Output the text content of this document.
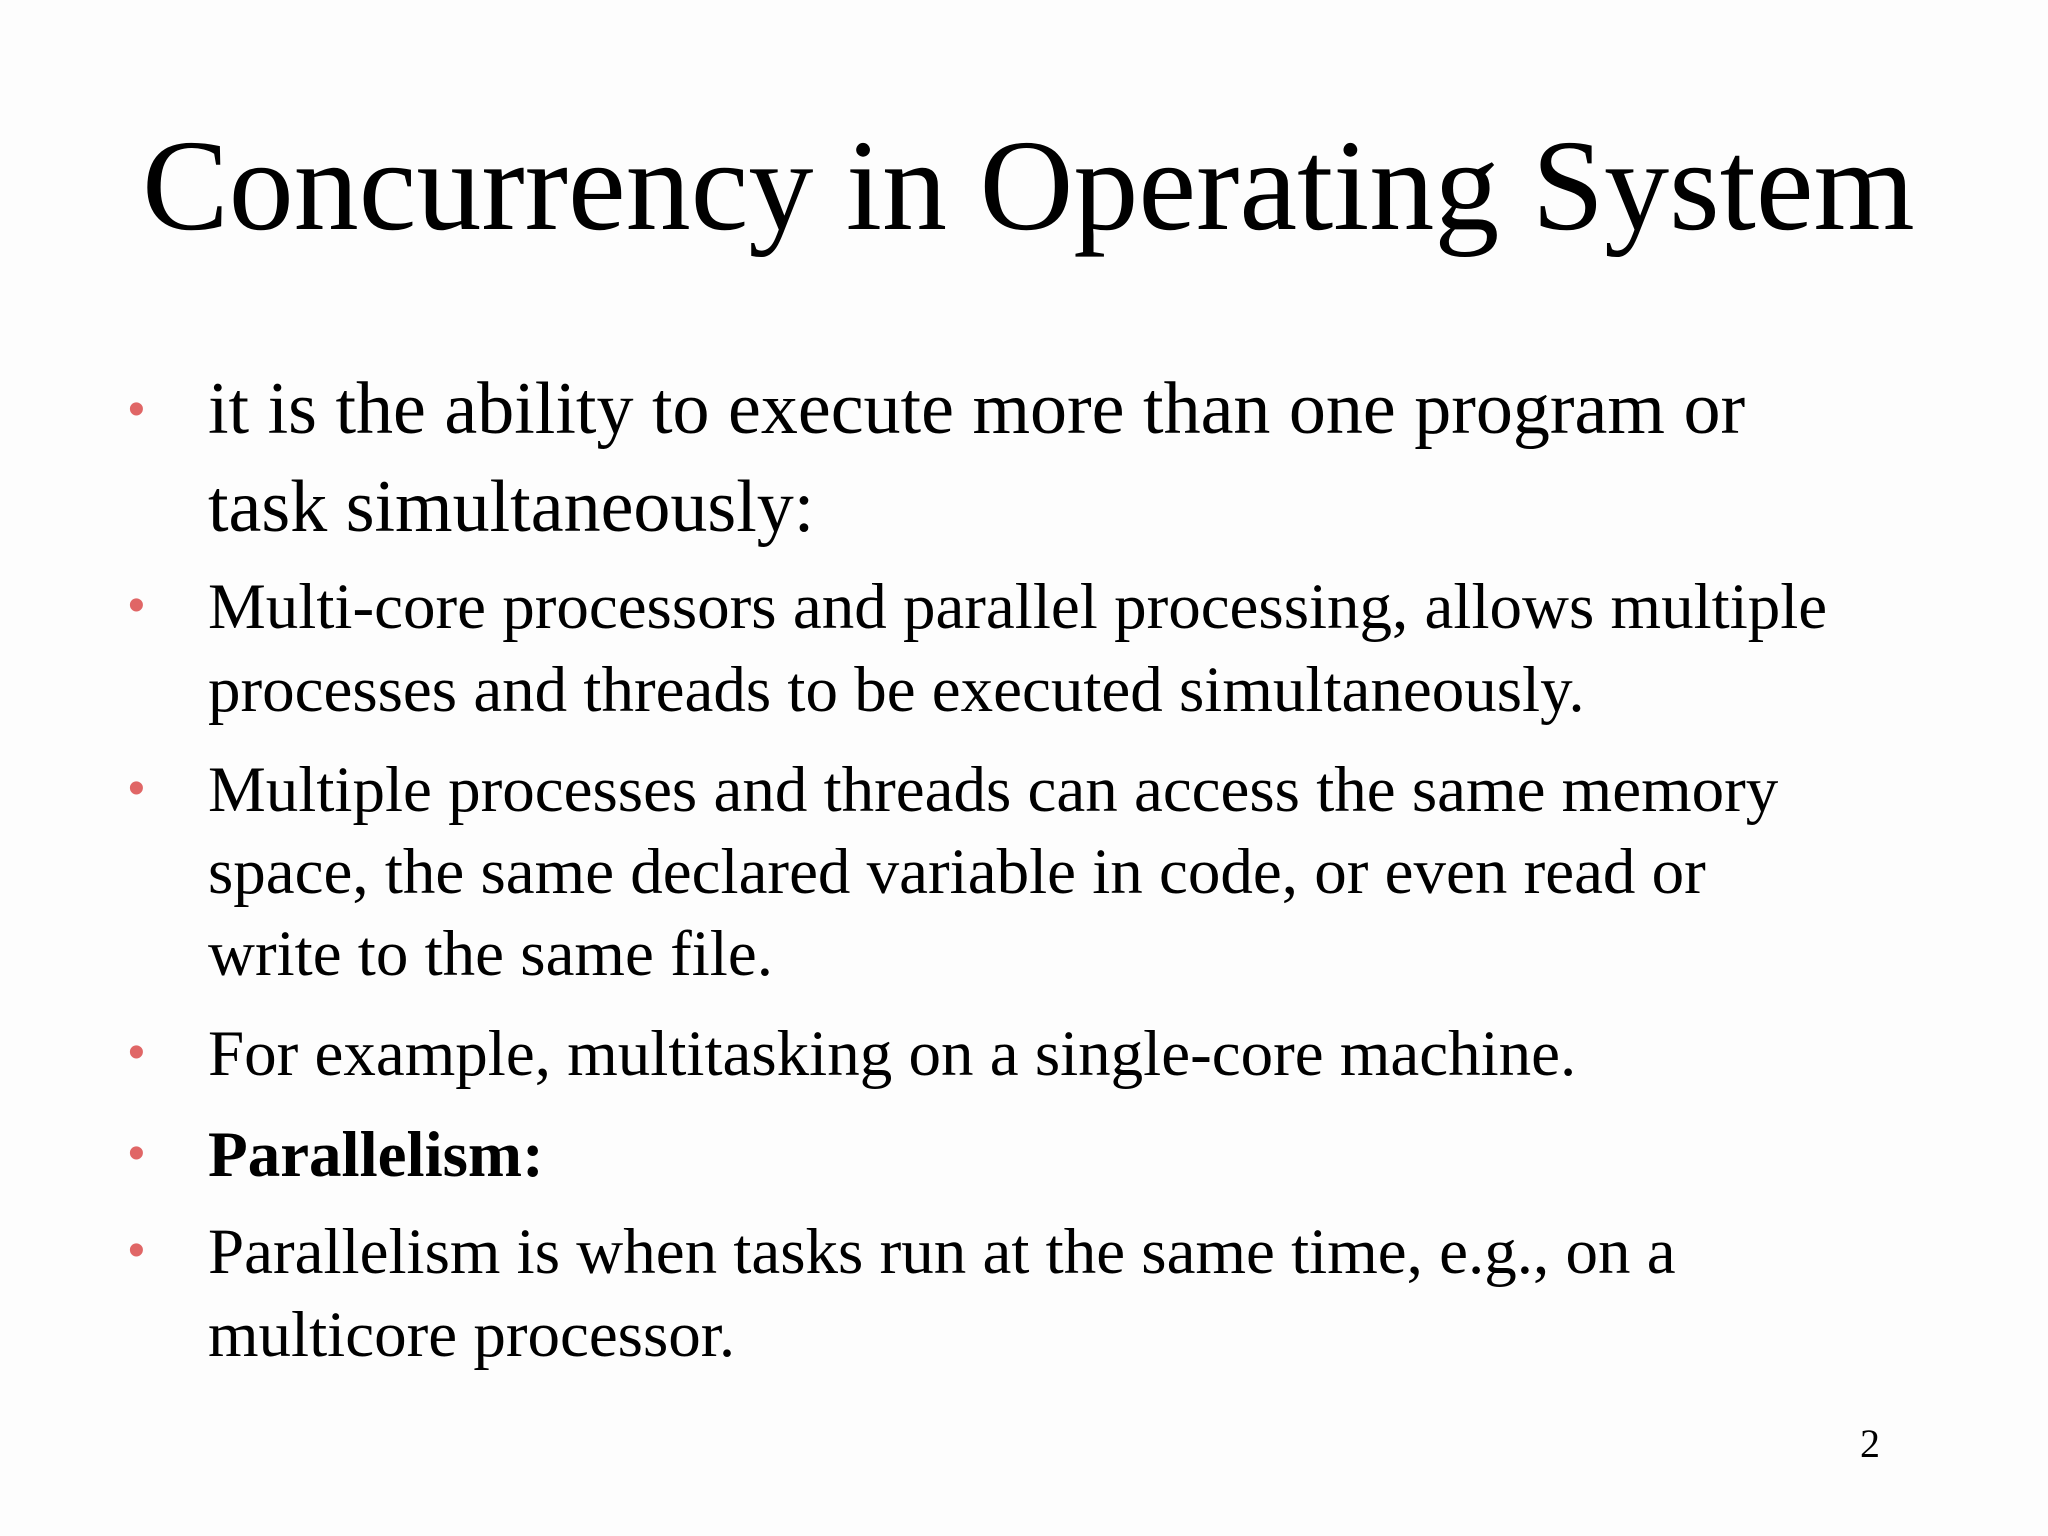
Concurrency in Operating System
• it is the ability to execute more than one program or
task simultaneously:
• Multi-core processors and parallel processing, allows multiple
processes and threads to be executed simultaneously.
• Multiple processes and threads can access the same memory
space, the same declared variable in code, or even read or
write to the same file.
• For example, multitasking on a single-core machine.
• Parallelism:
• Parallelism is when tasks run at the same time, e.g., on a
multicore processor.
2
